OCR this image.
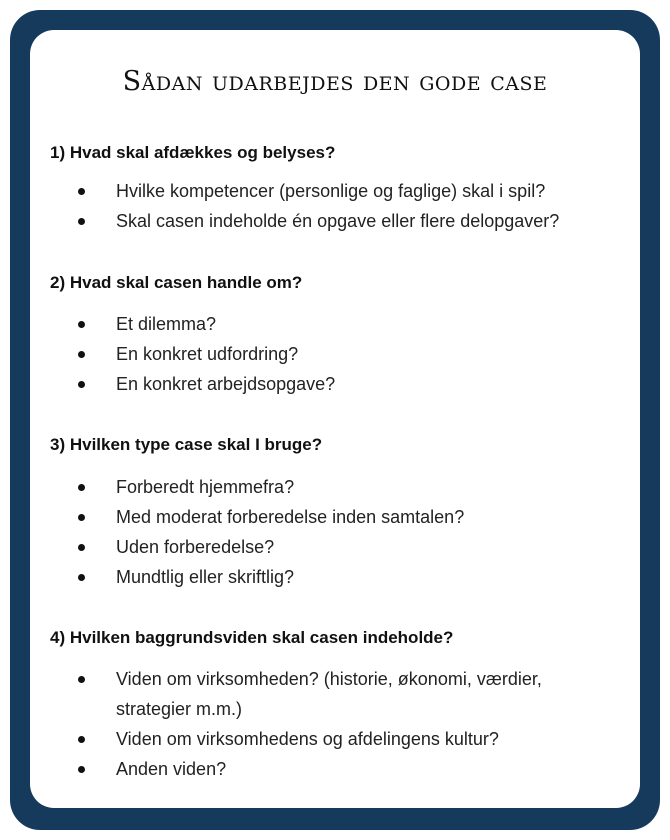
Sådan udarbejdes den gode case
1) Hvad skal afdækkes og belyses?
Hvilke kompetencer (personlige og faglige) skal i spil?
Skal casen indeholde én opgave eller flere delopgaver?
2) Hvad skal casen handle om?
Et dilemma?
En konkret udfordring?
En konkret arbejdsopgave?
3) Hvilken type case skal I bruge?
Forberedt hjemmefra?
Med moderat forberedelse inden samtalen?
Uden forberedelse?
Mundtlig eller skriftlig?
4) Hvilken baggrundsviden skal casen indeholde?
Viden om virksomheden? (historie, økonomi, værdier, strategier m.m.)
Viden om virksomhedens og afdelingens kultur?
Anden viden?
